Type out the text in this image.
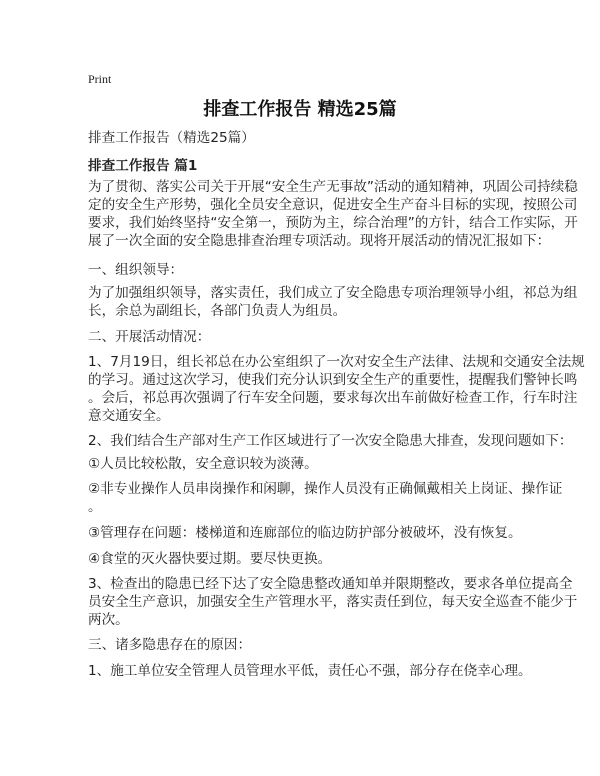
Print
排查工作报告 精选25篇
排查工作报告（精选25篇）
排查工作报告 篇1
为了贯彻、落实公司关于开展“安全生产无事故”活动的通知精神，巩固公司持续稳
定的安全生产形势，强化全员安全意识，促进安全生产奋斗目标的实现，按照公司
要求，我们始终坚持“安全第一，预防为主，综合治理”的方针，结合工作实际，开
展了一次全面的安全隐患排查治理专项活动。现将开展活动的情况汇报如下：
一、组织领导：
为了加强组织领导，落实责任，我们成立了安全隐患专项治理领导小组，祁总为组
长，余总为副组长，各部门负责人为组员。
二、开展活动情况：
1、7月19日，组长祁总在办公室组织了一次对安全生产法律、法规和交通安全法规
的学习。通过这次学习，使我们充分认识到安全生产的重要性，提醒我们警钟长鸣
。会后，祁总再次强调了行车安全问题，要求每次出车前做好检查工作，行车时注
意交通安全。
2、我们结合生产部对生产工作区域进行了一次安全隐患大排查，发现问题如下：
①人员比较松散，安全意识较为淡薄。
②非专业操作人员串岗操作和闲聊，操作人员没有正确佩戴相关上岗证、操作证
。
③管理存在问题：楼梯道和连廊部位的临边防护部分被破坏，没有恢复。
④食堂的灭火器快要过期。要尽快更换。
3、检查出的隐患已经下达了安全隐患整改通知单并限期整改，要求各单位提高全
员安全生产意识，加强安全生产管理水平，落实责任到位，每天安全巡查不能少于
两次。
三、诸多隐患存在的原因：
1、施工单位安全管理人员管理水平低，责任心不强，部分存在侥幸心理。
